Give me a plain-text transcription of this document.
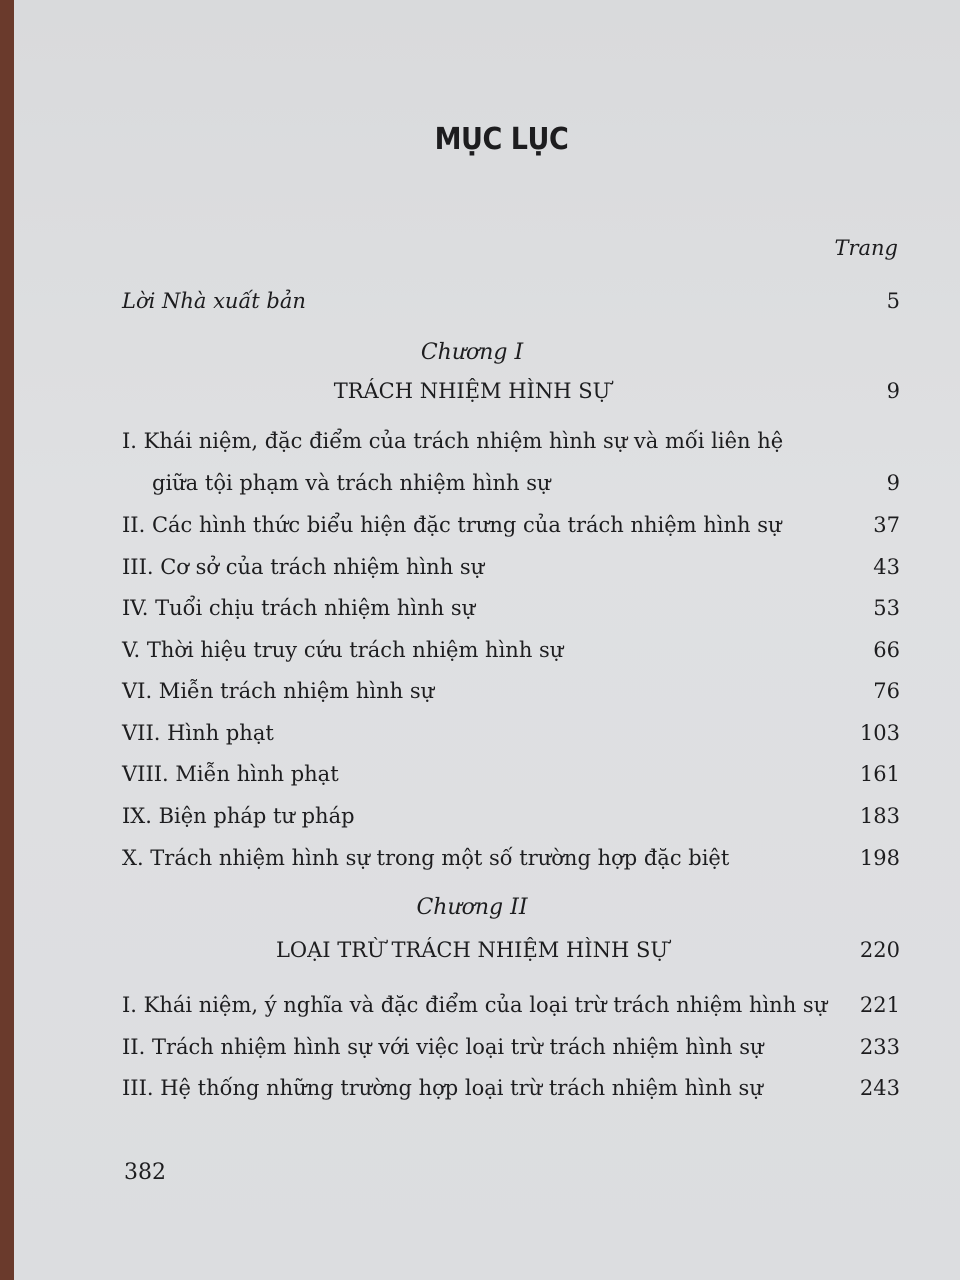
MỤC LỤC
Trang
Lời Nhà xuất bản	5
Chương I
TRÁCH NHIỆM HÌNH SỰ	9
I. Khái niệm, đặc điểm của trách nhiệm hình sự và mối liên hệ
giữa tội phạm và trách nhiệm hình sự	9
II. Các hình thức biểu hiện đặc trưng của trách nhiệm hình sự	37
III. Cơ sở của trách nhiệm hình sự	43
IV. Tuổi chịu trách nhiệm hình sự	53
V. Thời hiệu truy cứu trách nhiệm hình sự	66
VI. Miễn trách nhiệm hình sự	76
VII. Hình phạt	103
VIII. Miễn hình phạt	161
IX. Biện pháp tư pháp	183
X. Trách nhiệm hình sự trong một số trường hợp đặc biệt	198
Chương II
LOẠI TRỪ TRÁCH NHIỆM HÌNH SỰ	220
I. Khái niệm, ý nghĩa và đặc điểm của loại trừ trách nhiệm hình sự 221
II. Trách nhiệm hình sự với việc loại trừ trách nhiệm hình sự	233
III. Hệ thống những trường hợp loại trừ trách nhiệm hình sự	243
382
